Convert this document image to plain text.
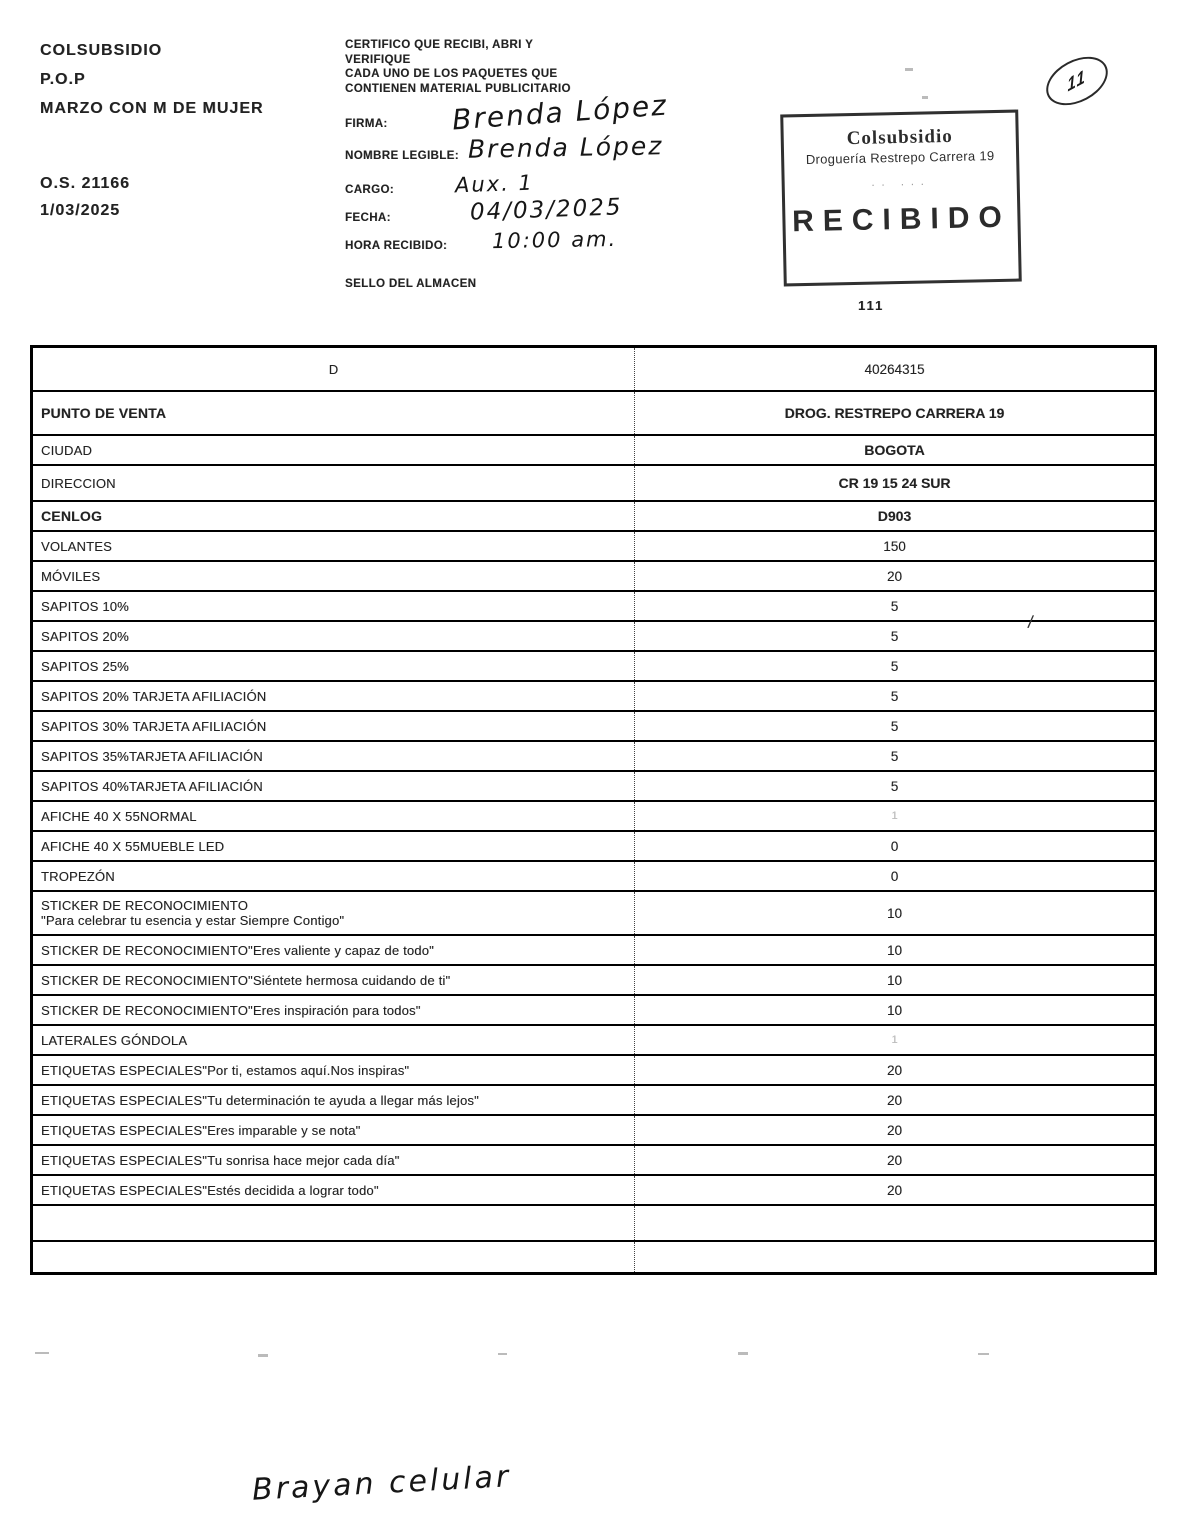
COLSUBSIDIO
P.O.P
MARZO CON M DE MUJER
O.S. 21166
1/03/2025
CERTIFICO QUE RECIBI, ABRI Y
VERIFIQUE
CADA UNO DE LOS PAQUETES QUE
CONTIENEN MATERIAL PUBLICITARIO
FIRMA:
NOMBRE LEGIBLE:
CARGO:
FECHA:
HORA RECIBIDO:
SELLO DEL ALMACEN
Brenda López
Brenda López
Aux. 1
04/03/2025
10:00 am.
Colsubsidio
Droguería Restrepo Carrera 19
·· ···
RECIBIDO
111
11
D	40264315
PUNTO DE VENTA	DROG. RESTREPO CARRERA 19
CIUDAD	BOGOTA
DIRECCION	CR 19 15 24 SUR
CENLOG	D903
VOLANTES	150
MÓVILES	20
SAPITOS 10%	5
SAPITOS 20%	5
SAPITOS 25%	5
SAPITOS 20% TARJETA AFILIACIÓN	5
SAPITOS 30% TARJETA AFILIACIÓN	5
SAPITOS 35%TARJETA AFILIACIÓN	5
SAPITOS 40%TARJETA AFILIACIÓN	5
AFICHE 40 X 55NORMAL	1
AFICHE 40 X 55MUEBLE LED	0
TROPEZÓN	0
STICKER DE RECONOCIMIENTO
"Para celebrar tu esencia y estar Siempre Contigo"	10
STICKER DE RECONOCIMIENTO"Eres valiente y capaz de todo"	10
STICKER DE RECONOCIMIENTO"Siéntete hermosa cuidando de ti"	10
STICKER DE RECONOCIMIENTO"Eres inspiración para todos"	10
LATERALES GÓNDOLA	1
ETIQUETAS ESPECIALES"Por ti, estamos aquí.Nos inspiras"	20
ETIQUETAS ESPECIALES"Tu determinación te ayuda a llegar más lejos"	20
ETIQUETAS ESPECIALES"Eres imparable y se nota"	20
ETIQUETAS ESPECIALES"Tu sonrisa hace mejor cada día"	20
ETIQUETAS ESPECIALES"Estés decidida a lograr todo"	20
/
Brayan celular
